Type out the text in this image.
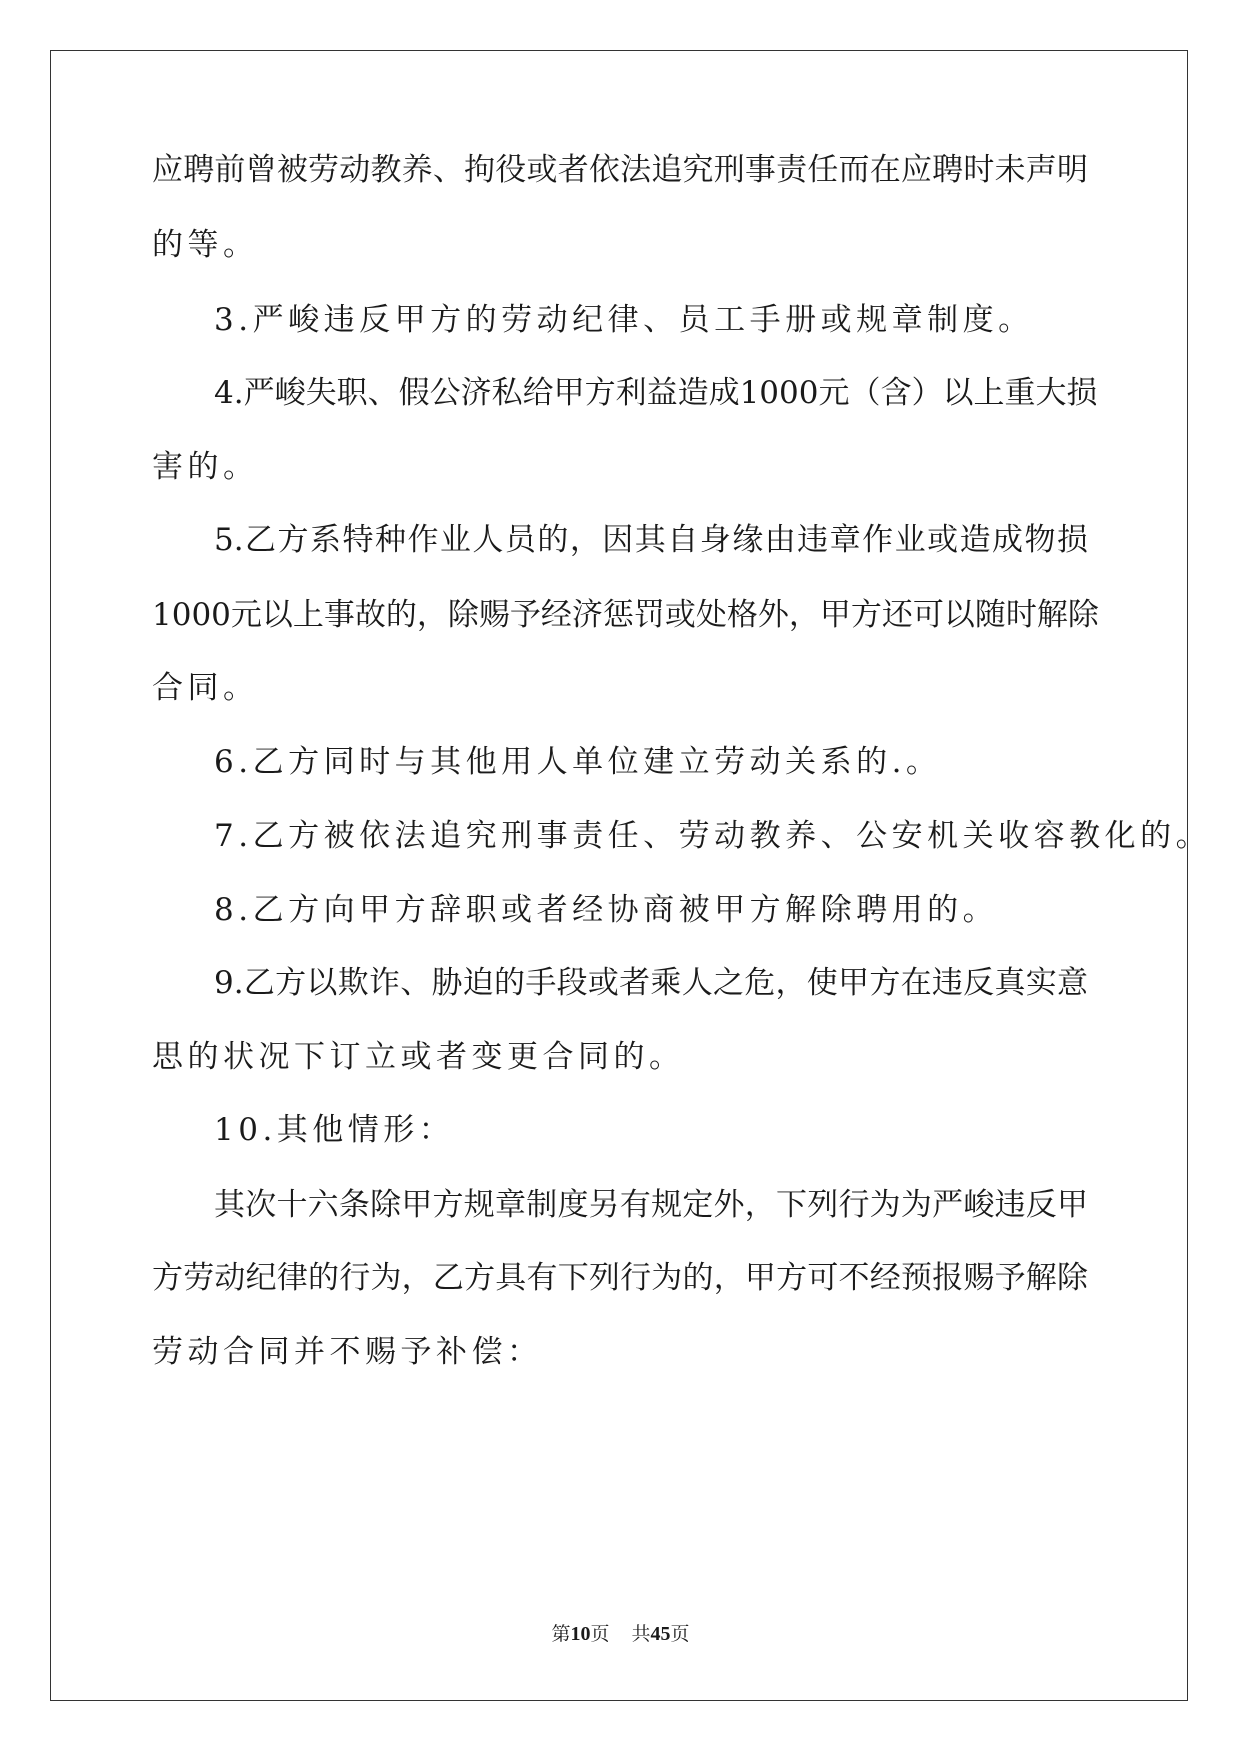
应聘前曾被劳动教养、拘役或者依法追究刑事责任而在应聘时未声明
的等。
3.严峻违反甲方的劳动纪律、员工手册或规章制度。
4.严峻失职、假公济私给甲方利益造成1000元（含）以上重大损
害的。
5.乙方系特种作业人员的，因其自身缘由违章作业或造成物损
1000元以上事故的，除赐予经济惩罚或处格外，甲方还可以随时解除
合同。
6.乙方同时与其他用人单位建立劳动关系的.。
7.乙方被依法追究刑事责任、劳动教养、公安机关收容教化的。
8.乙方向甲方辞职或者经协商被甲方解除聘用的。
9.乙方以欺诈、胁迫的手段或者乘人之危，使甲方在违反真实意
思的状况下订立或者变更合同的。
10.其他情形：
其次十六条除甲方规章制度另有规定外，下列行为为严峻违反甲
方劳动纪律的行为，乙方具有下列行为的，甲方可不经预报赐予解除
劳动合同并不赐予补偿：
第10页 共45页
